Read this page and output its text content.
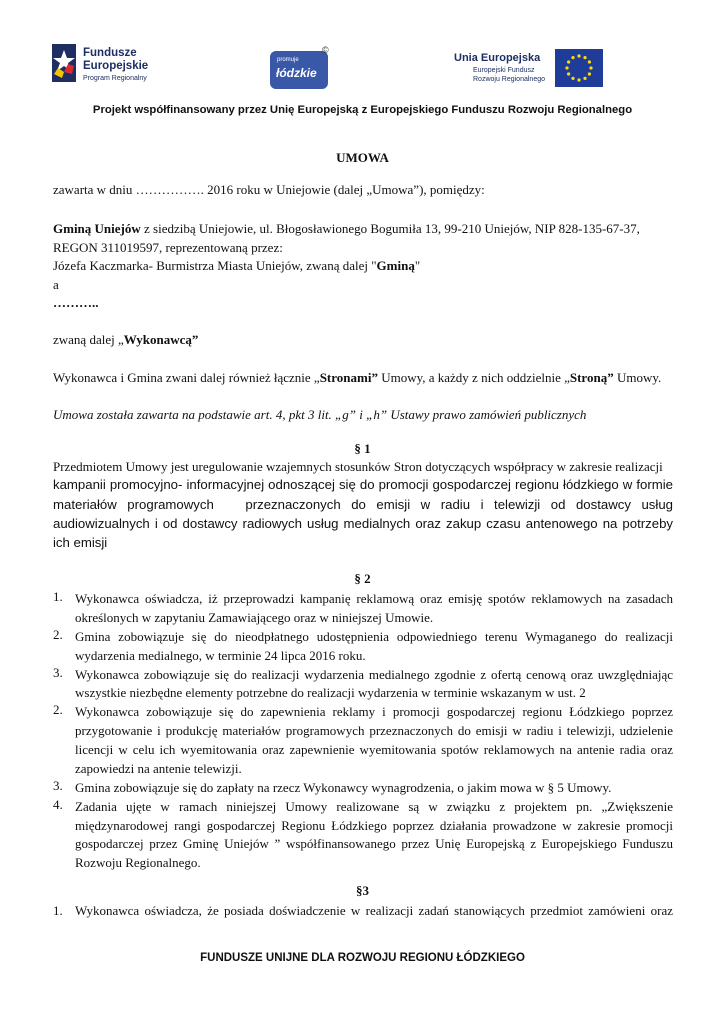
Fundusze
Europejskie
Program Regionalny
promuje
łódzkie
©
Unia Europejska
Europejski Fundusz
Rozwoju Regionalnego
Projekt współfinansowany przez Unię Europejską z Europejskiego Funduszu Rozwoju Regionalnego
UMOWA
zawarta w dniu ……………. 2016 roku w Uniejowie (dalej „Umowa”), pomiędzy:
Gminą Uniejów z siedzibą Uniejowie, ul. Błogosławionego Bogumiła 13, 99-210 Uniejów, NIP 828-135-67-37,
REGON 311019597, reprezentowaną przez:
Józefa Kaczmarka- Burmistrza Miasta Uniejów, zwaną dalej "Gminą"
a
………..
zwaną dalej „Wykonawcą”
Wykonawca i Gmina zwani dalej również łącznie „Stronami” Umowy, a każdy z nich oddzielnie „Stroną” Umowy.
Umowa została zawarta na podstawie art. 4, pkt 3 lit. „g” i „h” Ustawy prawo zamówień publicznych
§ 1
Przedmiotem Umowy jest uregulowanie wzajemnych stosunków Stron dotyczących współpracy w zakresie realizacji
kampanii promocyjno- informacyjnej odnoszącej się do promocji gospodarczej regionu łódzkiego w formie
materiałów programowych   przeznaczonych do emisji w radiu i telewizji od dostawcy usług
audiowizualnych i od dostawcy radiowych usług medialnych oraz zakup czasu antenowego na potrzeby
ich emisji
§ 2
1. Wykonawca oświadcza, iż przeprowadzi kampanię reklamową oraz emisję spotów reklamowych na zasadach
określonych w zapytaniu Zamawiającego oraz w niniejszej Umowie.
2. Gmina zobowiązuje się do nieodpłatnego udostępnienia odpowiedniego terenu Wymaganego do realizacji
wydarzenia medialnego, w terminie 24 lipca 2016 roku.
3. Wykonawca zobowiązuje się do realizacji wydarzenia medialnego zgodnie z ofertą cenową oraz uwzględniając
wszystkie niezbędne elementy potrzebne do realizacji wydarzenia w terminie wskazanym w ust. 2
2. Wykonawca zobowiązuje się do zapewnienia reklamy i promocji gospodarczej regionu Łódzkiego poprzez
przygotowanie i produkcję materiałów programowych przeznaczonych do emisji w radiu i telewizji, udzielenie
licencji w celu ich wyemitowania oraz zapewnienie wyemitowania spotów reklamowych na antenie radia oraz
zapowiedzi na antenie telewizji.
3. Gmina zobowiązuje się do zapłaty na rzecz Wykonawcy wynagrodzenia, o jakim mowa w § 5 Umowy.
4. Zadania ujęte w ramach niniejszej Umowy realizowane są w związku z projektem pn. „Zwiększenie
międzynarodowej rangi gospodarczej Regionu Łódzkiego poprzez działania prowadzone w zakresie promocji
gospodarczej przez Gminę Uniejów ” współfinansowanego przez Unię Europejską z Europejskiego Funduszu
Rozwoju Regionalnego.
§3
1. Wykonawca oświadcza, że posiada doświadczenie w realizacji zadań stanowiących przedmiot zamówieni oraz
FUNDUSZE UNIJNE DLA ROZWOJU REGIONU ŁÓDZKIEGO
